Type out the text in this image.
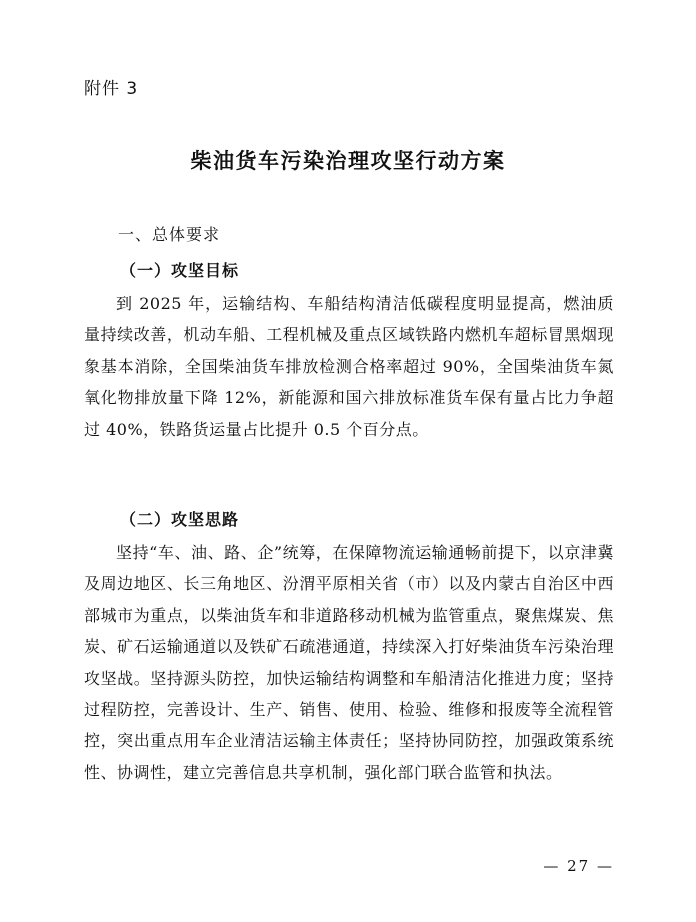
附件 3
柴油货车污染治理攻坚行动方案
一、总体要求
（一）攻坚目标

到 2025 年，运输结构、车船结构清洁低碳程度明显提高，燃油质量持续改善，机动车船、工程机械及重点区域铁路内燃机车超标冒黑烟现象基本消除，全国柴油货车排放检测合格率超过 90%，全国柴油货车氮氧化物排放量下降 12%，新能源和国六排放标准货车保有量占比力争超过 40%，铁路货运量占比提升 0.5 个百分点。

（二）攻坚思路

坚持“车、油、路、企”统筹，在保障物流运输通畅前提下，以京津冀及周边地区、长三角地区、汾渭平原相关省（市）以及内蒙古自治区中西部城市为重点，以柴油货车和非道路移动机械为监管重点，聚焦煤炭、焦炭、矿石运输通道以及铁矿石疏港通道，持续深入打好柴油货车污染治理攻坚战。坚持源头防控，加快运输结构调整和车船清洁化推进力度；坚持过程防控，完善设计、生产、销售、使用、检验、维修和报废等全流程管控，突出重点用车企业清洁运输主体责任；坚持协同防控，加强政策系统性、协调性，建立完善信息共享机制，强化部门联合监管和执法。

— 27 —
